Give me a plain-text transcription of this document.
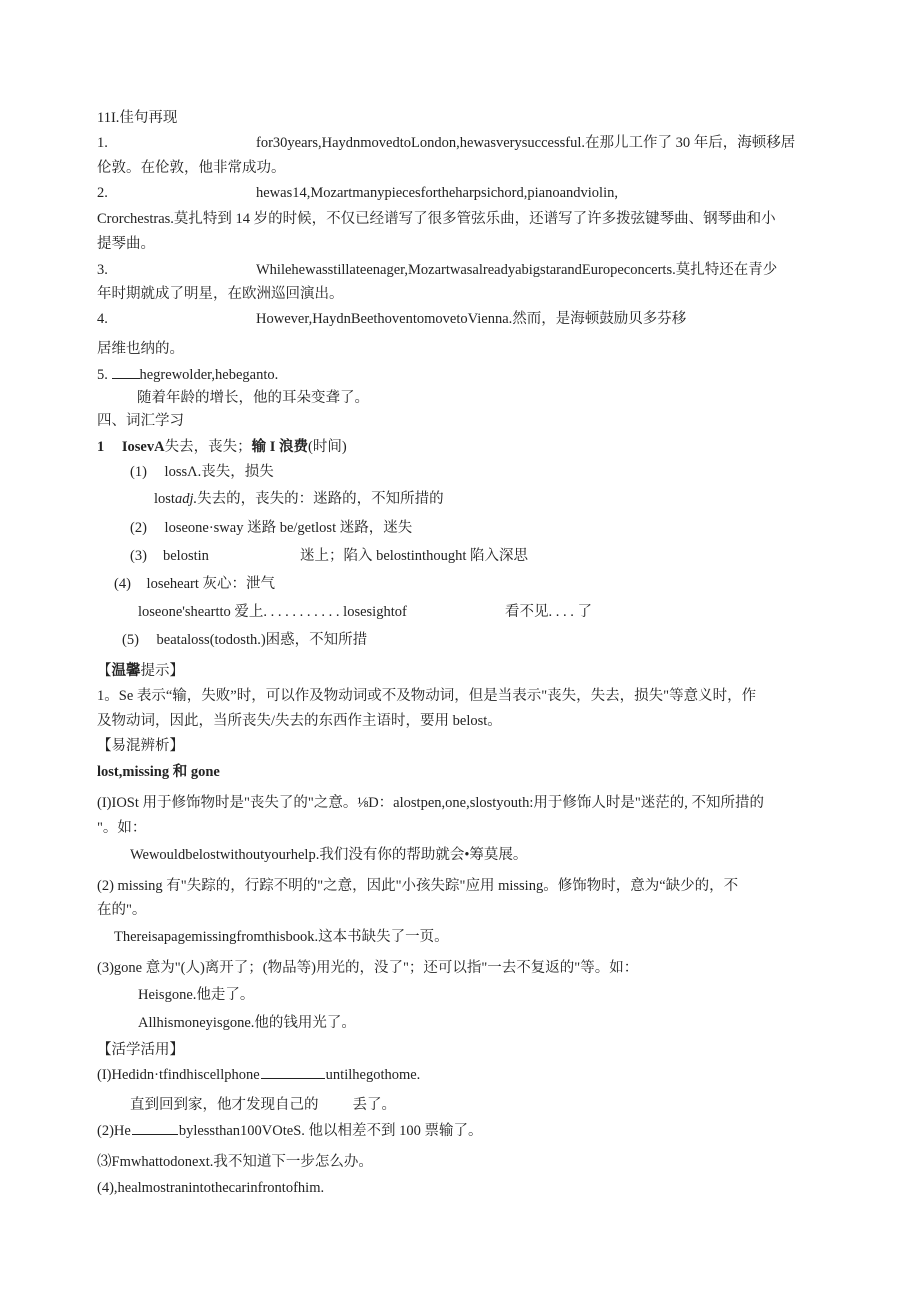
11I.佳句再现
1.	for30years,HaydnmovedtoLondon,hewasverysuccessful.在那儿工作了 30 年后，海顿移居
伦敦。在伦敦，他非常成功。
2.	hewas14,Mozartmanypiecesfortheharpsichord,pianoandviolin,
Crorchestras.莫扎特到 14 岁的时候，不仅已经谱写了很多管弦乐曲，还谱写了许多拨弦键琴曲、钢琴曲和小
提琴曲。
3.	Whilehewasstillateenager,MozartwasalreadyabigstarandEuropeconcerts.莫扎特还在青少
年时期就成了明星，在欧洲巡回演出。
4.	However,HaydnBeethoventomovetoVienna.然而，是海顿鼓励贝多芬移
居维也纳的。
5. hegrewolder,hebeganto.
随着年龄的增长，他的耳朵变聋了。
四、词汇学习
1 IosevA失去，丧失；输 I 浪费(时间)
(1) lossΛ.丧失，损失
lostadj.失去的，丧失的：迷路的，不知所措的
(2) loseone·sway 迷路 be/getlost 迷路，迷失
(3) belostin	迷上；陷入 belostinthought 陷入深思
(4) loseheart 灰心：泄气
loseone'sheartto 爱上. . . . . . . . . . . losesightof	看不见. . . . 了
(5) beataloss(todosth.)困惑，不知所措
【温馨提示】
1。Se 表示“输，失败”时，可以作及物动词或不及物动词，但是当表示"丧失，失去，损失"等意义时，作
及物动词，因此，当所丧失/失去的东西作主语时，要用 belost。
【易混辨析】
lost,missing 和 gone
(I)IOSt 用于修饰物时是"丧失了的"之意。⅛D：alostpen,one,slostyouth:用于修饰人时是"迷茫的, 不知所措的
"。如：
Wewouldbelostwithoutyourhelp.我们没有你的帮助就会•筹莫展。
(2) missing 有"失踪的，行踪不明的"之意，因此"小孩失踪"应用 missing。修饰物时，意为“缺少的，不
在的"。
Thereisapagemissingfromthisbook.这本书缺失了一页。
(3)gone 意为"(人)离开了；(物品等)用光的，没了"；还可以指"一去不复返的"等。如：
Heisgone.他走了。
Allhismoneyisgone.他的钱用光了。
【活学活用】
(I)Hedidn·tfindhiscellphone	untilhegothome.
直到回到家，他才发现自己的 丢了。
(2)He	bylessthan100VOteS. 他以相差不到 100 票输了。
⑶Fmwhattodonext.我不知道下一步怎么办。
(4),healmostranintothecarinfrontofhim.
